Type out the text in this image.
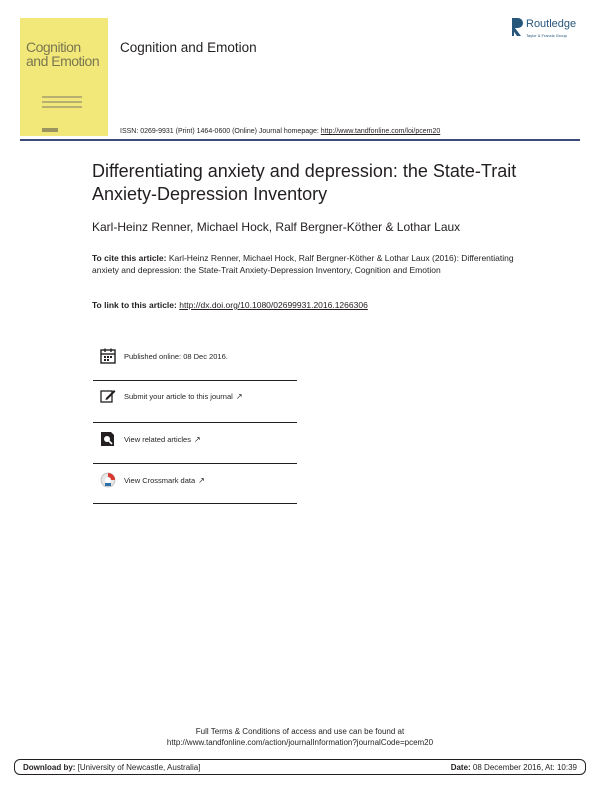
Cognition
and Emotion
Cognition and Emotion
ISSN: 0269-9931 (Print) 1464-0600 (Online) Journal homepage: http://www.tandfonline.com/loi/pcem20
Routledge
Taylor & Francis Group
Differentiating anxiety and depression: the State-Trait Anxiety-Depression Inventory
Karl-Heinz Renner, Michael Hock, Ralf Bergner-Köther & Lothar Laux
To cite this article: Karl-Heinz Renner, Michael Hock, Ralf Bergner-Köther & Lothar Laux (2016): Differentiating anxiety and depression: the State-Trait Anxiety-Depression Inventory, Cognition and Emotion
To link to this article: http://dx.doi.org/10.1080/02699931.2016.1266306
Published online: 08 Dec 2016.
Submit your article to this journal ↗
View related articles ↗
View Crossmark data ↗
Full Terms & Conditions of access and use can be found at
http://www.tandfonline.com/action/journalInformation?journalCode=pcem20
Download by: [University of Newcastle, Australia]	Date: 08 December 2016, At: 10:39
